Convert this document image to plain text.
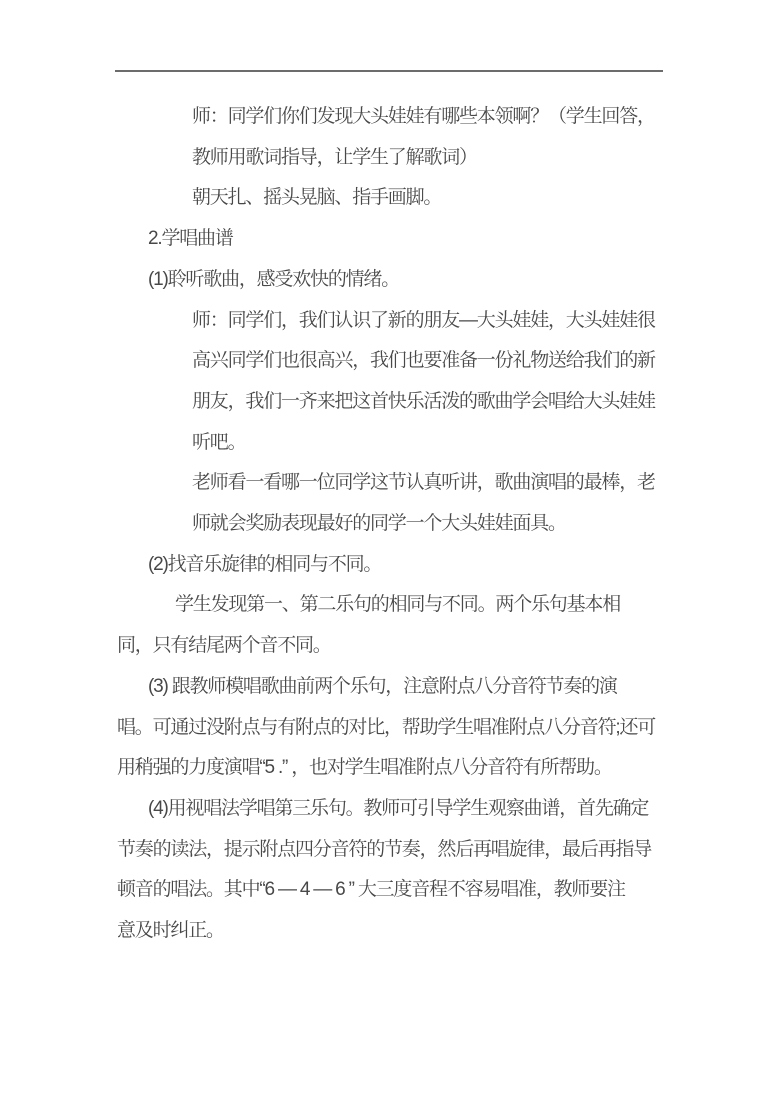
师：同学们你们发现大头娃娃有哪些本领啊？（学生回答，
教师用歌词指导，让学生了解歌词）
朝天扎、摇头晃脑、指手画脚。
2.学唱曲谱
(1)聆听歌曲，感受欢快的情绪。
师：同学们，我们认识了新的朋友—大头娃娃，大头娃娃很
高兴同学们也很高兴，我们也要准备一份礼物送给我们的新
朋友，我们一齐来把这首快乐活泼的歌曲学会唱给大头娃娃
听吧。
老师看一看哪一位同学这节认真听讲，歌曲演唱的最棒，老
师就会奖励表现最好的同学一个大头娃娃面具。
(2)找音乐旋律的相同与不同。
学生发现第一、第二乐句的相同与不同。两个乐句基本相
同，只有结尾两个音不同。
(3) 跟教师模唱歌曲前两个乐句，注意附点八分音符节奏的演
唱。可通过没附点与有附点的对比，帮助学生唱准附点八分音符;还可
用稍强的力度演唱“5 .” ，也对学生唱准附点八分音符有所帮助。
(4)用视唱法学唱第三乐句。教师可引导学生观察曲谱，首先确定
节奏的读法，提示附点四分音符的节奏，然后再唱旋律，最后再指导
顿音的唱法。其中“6 — 4 — 6 ” 大三度音程不容易唱准，教师要注
意及时纠正。
